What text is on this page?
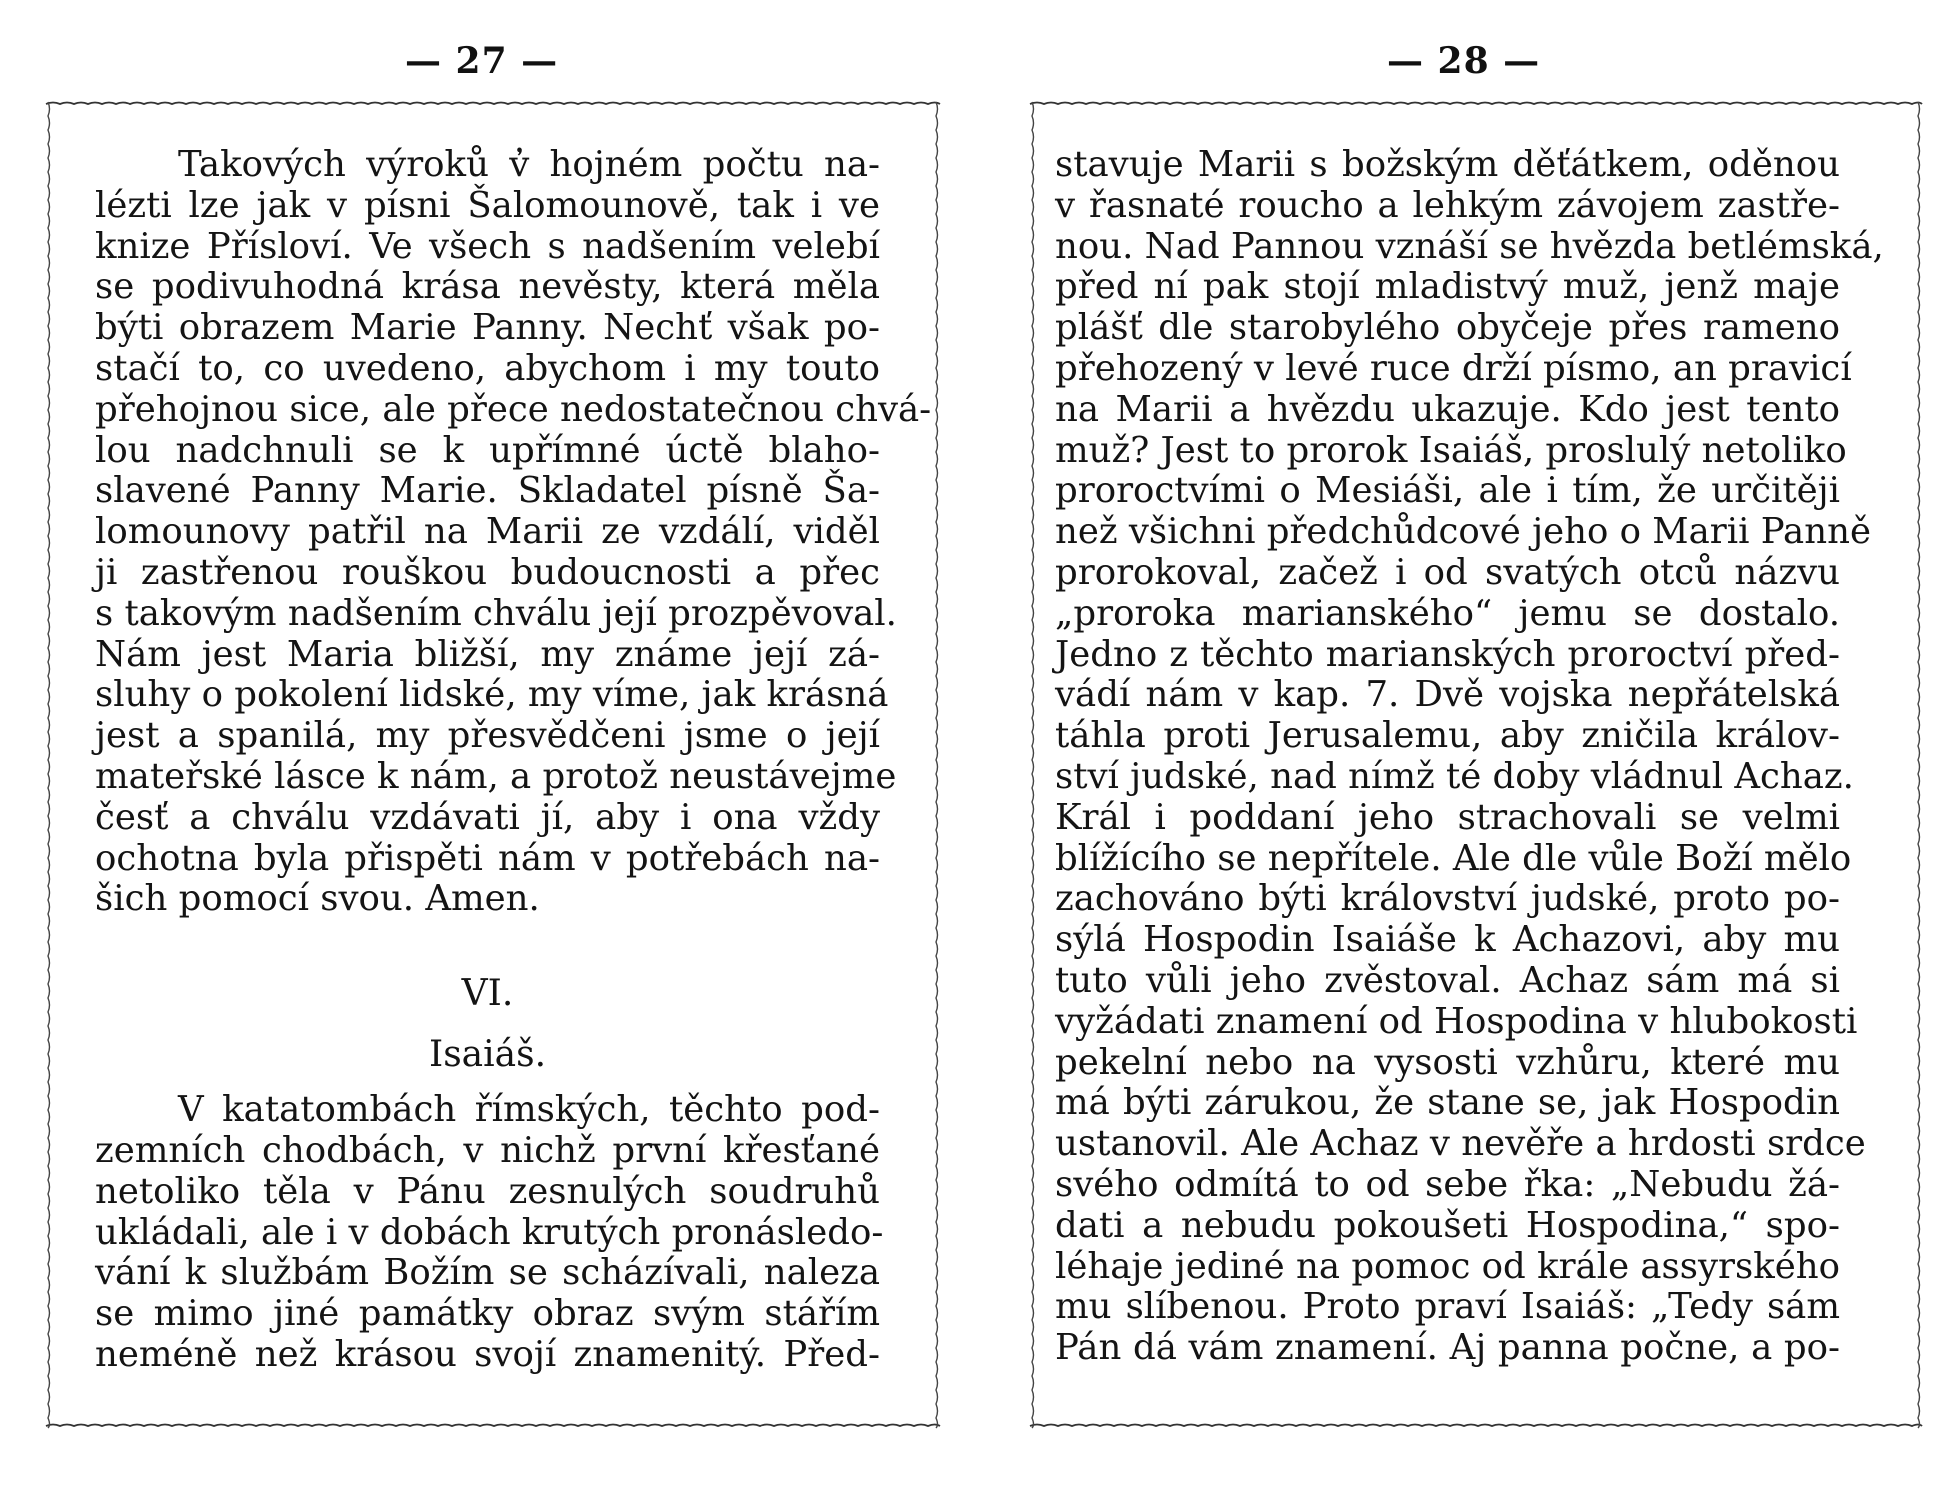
— 27 —
Takových výroků v̓ hojném počtu na-
lézti lze jak v písni Šalomounově, tak i ve
knize Přísloví. Ve všech s nadšením velebí
se podivuhodná krása nevěsty, která měla
býti obrazem Marie Panny. Nechť však po-
stačí to, co uvedeno, abychom i my touto
přehojnou sice, ale přece nedostatečnou chvá-
lou nadchnuli se k upřímné úctě blaho-
slavené Panny Marie. Skladatel písně Ša-
lomounovy patřil na Marii ze vzdálí, viděl
ji zastřenou rouškou budoucnosti a přec
s takovým nadšením chválu její prozpěvoval.
Nám jest Maria bližší, my známe její zá-
sluhy o pokolení lidské, my víme, jak krásná
jest a spanilá, my přesvědčeni jsme o její
mateřské lásce k nám, a protož neustávejme
česť a chválu vzdávati jí, aby i ona vždy
ochotna byla přispěti nám v potřebách na-
šich pomocí svou. Amen.
VI.
Isaiáš.
V katatombách římských, těchto pod-
zemních chodbách, v nichž první křesťané
netoliko těla v Pánu zesnulých soudruhů
ukládali, ale i v dobách krutých pronásledo-
vání k službám Božím se scházívali, naleza
se mimo jiné památky obraz svým stářím
neméně než krásou svojí znamenitý. Před-
— 28 —
stavuje Marii s božským děťátkem, oděnou
v řasnaté roucho a lehkým závojem zastře-
nou. Nad Pannou vznáší se hvězda betlémská,
před ní pak stojí mladistvý muž, jenž maje
plášť dle starobylého obyčeje přes rameno
přehozený v levé ruce drží písmo, an pravicí
na Marii a hvězdu ukazuje. Kdo jest tento
muž? Jest to prorok Isaiáš, proslulý netoliko
proroctvími o Mesiáši, ale i tím, že určitěji
než všichni předchůdcové jeho o Marii Panně
prorokoval, začež i od svatých otců názvu
„proroka marianského“ jemu se dostalo.
Jedno z těchto marianských proroctví před-
vádí nám v kap. 7. Dvě vojska nepřátelská
táhla proti Jerusalemu, aby zničila králov-
ství judské, nad nímž té doby vládnul Achaz.
Král i poddaní jeho strachovali se velmi
blížícího se nepřítele. Ale dle vůle Boží mělo
zachováno býti království judské, proto po-
sýlá Hospodin Isaiáše k Achazovi, aby mu
tuto vůli jeho zvěstoval. Achaz sám má si
vyžádati znamení od Hospodina v hlubokosti
pekelní nebo na vysosti vzhůru, které mu
má býti zárukou, že stane se, jak Hospodin
ustanovil. Ale Achaz v nevěře a hrdosti srdce
svého odmítá to od sebe řka: „Nebudu žá-
dati a nebudu pokoušeti Hospodina,“ spo-
léhaje jediné na pomoc od krále assyrského
mu slíbenou. Proto praví Isaiáš: „Tedy sám
Pán dá vám znamení. Aj panna počne, a po-
